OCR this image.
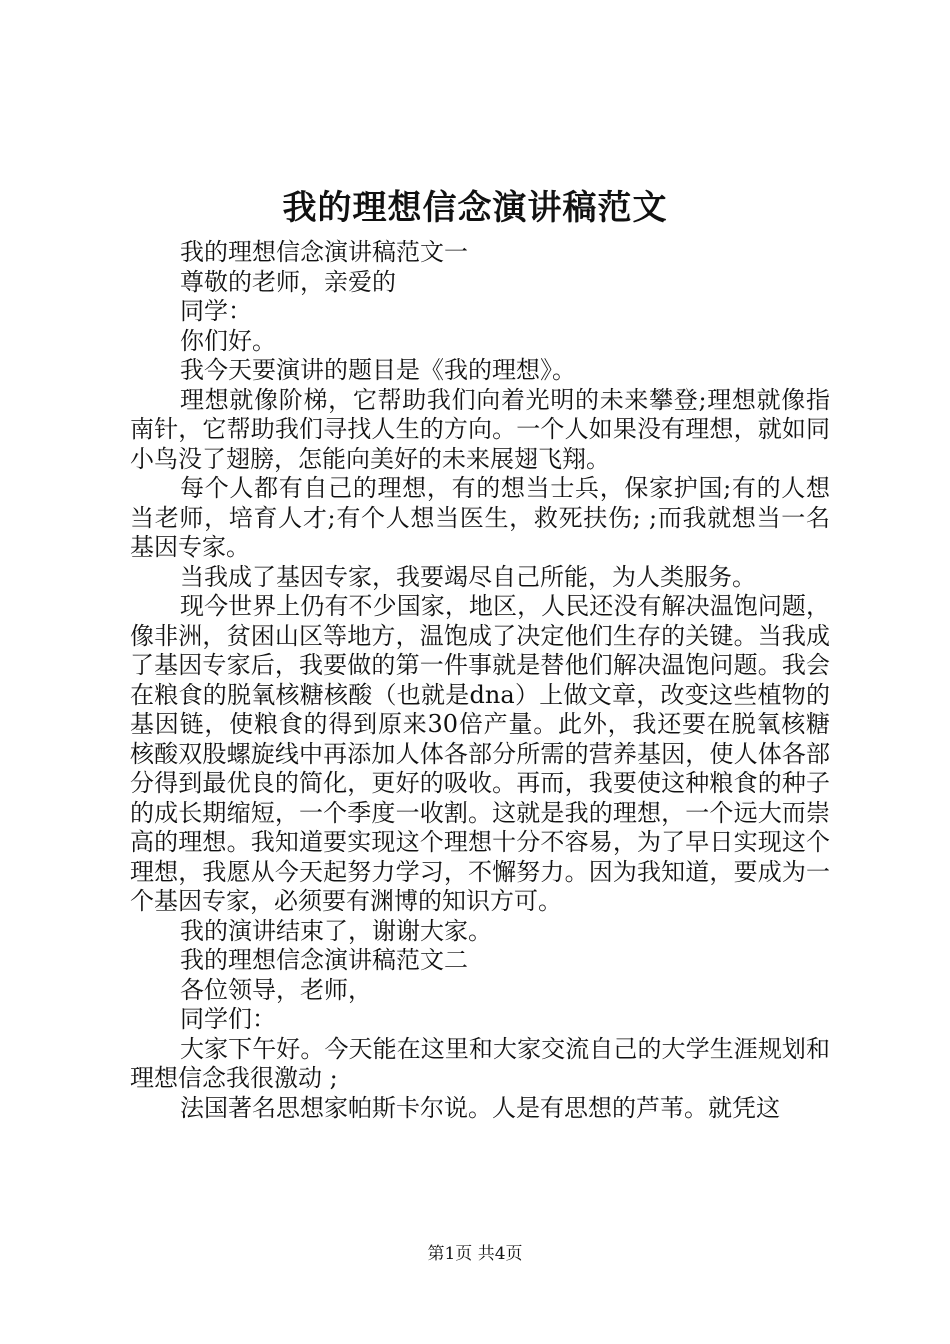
我的理想信念演讲稿范文

我的理想信念演讲稿范文一

尊敬的老师，亲爱的

同学：

你们好。

我今天要演讲的题目是《我的理想》。

理想就像阶梯，它帮助我们向着光明的未来攀登;理想就像指南针，它帮助我们寻找人生的方向。一个人如果没有理想，就如同小鸟没了翅膀，怎能向美好的未来展翅飞翔。

每个人都有自己的理想，有的想当士兵，保家护国;有的人想当老师，培育人才;有个人想当医生，救死扶伤; ;而我就想当一名基因专家。

当我成了基因专家，我要竭尽自己所能，为人类服务。

现今世界上仍有不少国家，地区，人民还没有解决温饱问题，像非洲，贫困山区等地方，温饱成了决定他们生存的关键。当我成了基因专家后，我要做的第一件事就是替他们解决温饱问题。我会在粮食的脱氧核糖核酸（也就是dna）上做文章，改变这些植物的基因链，使粮食的得到原来30倍产量。此外，我还要在脱氧核糖核酸双股螺旋线中再添加人体各部分所需的营养基因，使人体各部分得到最优良的简化，更好的吸收。再而，我要使这种粮食的种子的成长期缩短，一个季度一收割。这就是我的理想，一个远大而崇高的理想。我知道要实现这个理想十分不容易，为了早日实现这个理想，我愿从今天起努力学习，不懈努力。因为我知道，要成为一个基因专家，必须要有渊博的知识方可。

我的演讲结束了，谢谢大家。

我的理想信念演讲稿范文二

各位领导，老师，

同学们：

大家下午好。今天能在这里和大家交流自己的大学生涯规划和理想信念我很激动 ;

法国著名思想家帕斯卡尔说。人是有思想的芦苇。就凭这

第1页 共4页
